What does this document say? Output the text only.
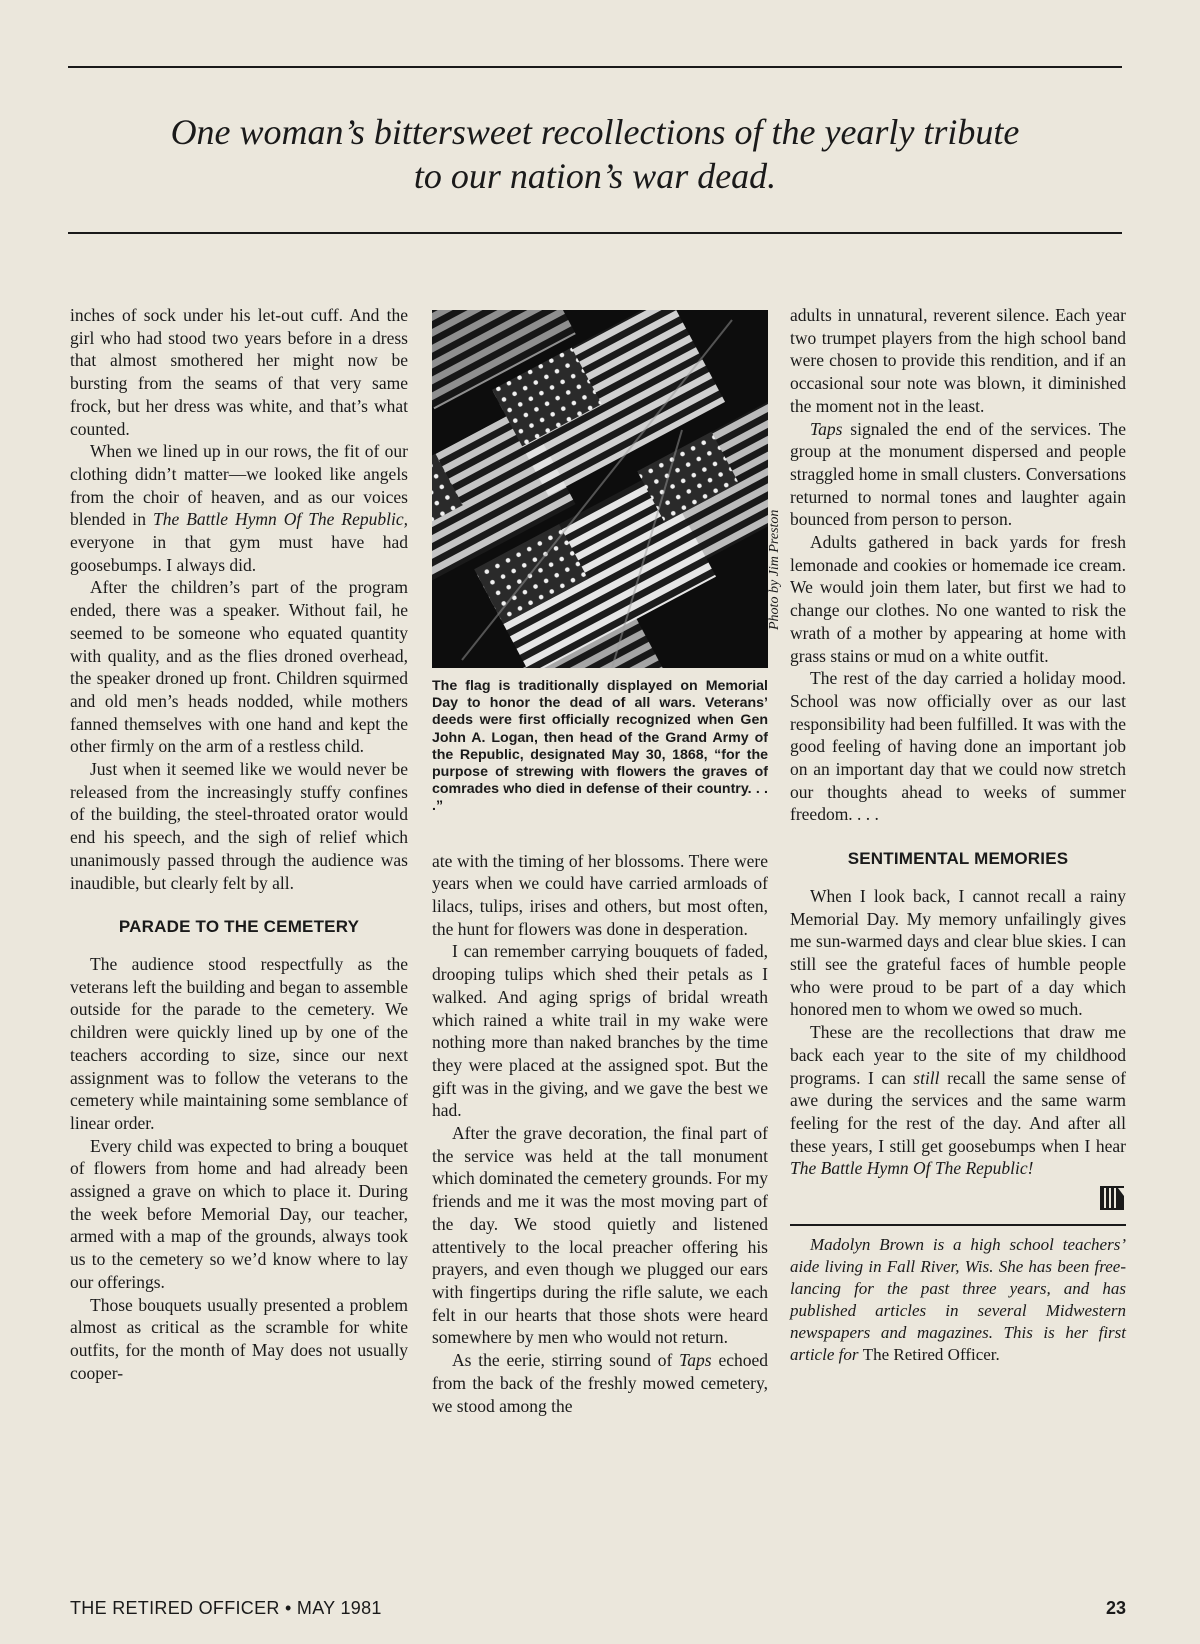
One woman’s bittersweet recollections of the yearly tribute
to our nation’s war dead.

inches of sock under his let-out cuff. And the girl who had stood two years before in a dress that almost smothered her might now be bursting from the seams of that very same frock, but her dress was white, and that’s what counted.

When we lined up in our rows, the fit of our clothing didn’t matter—we looked like angels from the choir of heaven, and as our voices blended in The Battle Hymn Of The Republic, everyone in that gym must have had goosebumps. I always did.

After the children’s part of the program ended, there was a speaker. Without fail, he seemed to be someone who equated quantity with quality, and as the flies droned overhead, the speaker droned up front. Children squirmed and old men’s heads nodded, while mothers fanned themselves with one hand and kept the other firmly on the arm of a restless child.

Just when it seemed like we would never be released from the increasingly stuffy confines of the building, the steel-throated orator would end his speech, and the sigh of relief which unanimously passed through the audience was inaudible, but clearly felt by all.

PARADE TO THE CEMETERY

The audience stood respectfully as the veterans left the building and began to assemble outside for the parade to the cemetery. We children were quickly lined up by one of the teachers according to size, since our next assignment was to follow the veterans to the cemetery while maintaining some semblance of linear order.

Every child was expected to bring a bouquet of flowers from home and had already been assigned a grave on which to place it. During the week before Memorial Day, our teacher, armed with a map of the grounds, always took us to the cemetery so we’d know where to lay our offerings.

Those bouquets usually presented a problem almost as critical as the scramble for white outfits, for the month of May does not usually cooper-

Photo by Jim Preston
The flag is traditionally displayed on Memorial Day to honor the dead of all wars. Veterans’ deeds were first officially recognized when Gen John A. Logan, then head of the Grand Army of the Republic, designated May 30, 1868, “for the purpose of strewing with flowers the graves of comrades who died in defense of their country. . . .”

ate with the timing of her blossoms. There were years when we could have carried armloads of lilacs, tulips, irises and others, but most often, the hunt for flowers was done in desperation.

I can remember carrying bouquets of faded, drooping tulips which shed their petals as I walked. And aging sprigs of bridal wreath which rained a white trail in my wake were nothing more than naked branches by the time they were placed at the assigned spot. But the gift was in the giving, and we gave the best we had.

After the grave decoration, the final part of the service was held at the tall monument which dominated the cemetery grounds. For my friends and me it was the most moving part of the day. We stood quietly and listened attentively to the local preacher offering his prayers, and even though we plugged our ears with fingertips during the rifle salute, we each felt in our hearts that those shots were heard somewhere by men who would not return.

As the eerie, stirring sound of Taps echoed from the back of the freshly mowed cemetery, we stood among the

adults in unnatural, reverent silence. Each year two trumpet players from the high school band were chosen to provide this rendition, and if an occasional sour note was blown, it diminished the moment not in the least.

Taps signaled the end of the services. The group at the monument dispersed and people straggled home in small clusters. Conversations returned to normal tones and laughter again bounced from person to person.

Adults gathered in back yards for fresh lemonade and cookies or homemade ice cream. We would join them later, but first we had to change our clothes. No one wanted to risk the wrath of a mother by appearing at home with grass stains or mud on a white outfit.

The rest of the day carried a holiday mood. School was now officially over as our last responsibility had been fulfilled. It was with the good feeling of having done an important job on an important day that we could now stretch our thoughts ahead to weeks of summer freedom. . . .

SENTIMENTAL MEMORIES

When I look back, I cannot recall a rainy Memorial Day. My memory unfailingly gives me sun-warmed days and clear blue skies. I can still see the grateful faces of humble people who were proud to be part of a day which honored men to whom we owed so much.

These are the recollections that draw me back each year to the site of my childhood programs. I can still recall the same sense of awe during the services and the same warm feeling for the rest of the day. And after all these years, I still get goosebumps when I hear The Battle Hymn Of The Republic!

Madolyn Brown is a high school teachers’ aide living in Fall River, Wis. She has been free-lancing for the past three years, and has published articles in several Midwestern newspapers and magazines. This is her first article for The Retired Officer.

THE RETIRED OFFICER • MAY 1981	23
